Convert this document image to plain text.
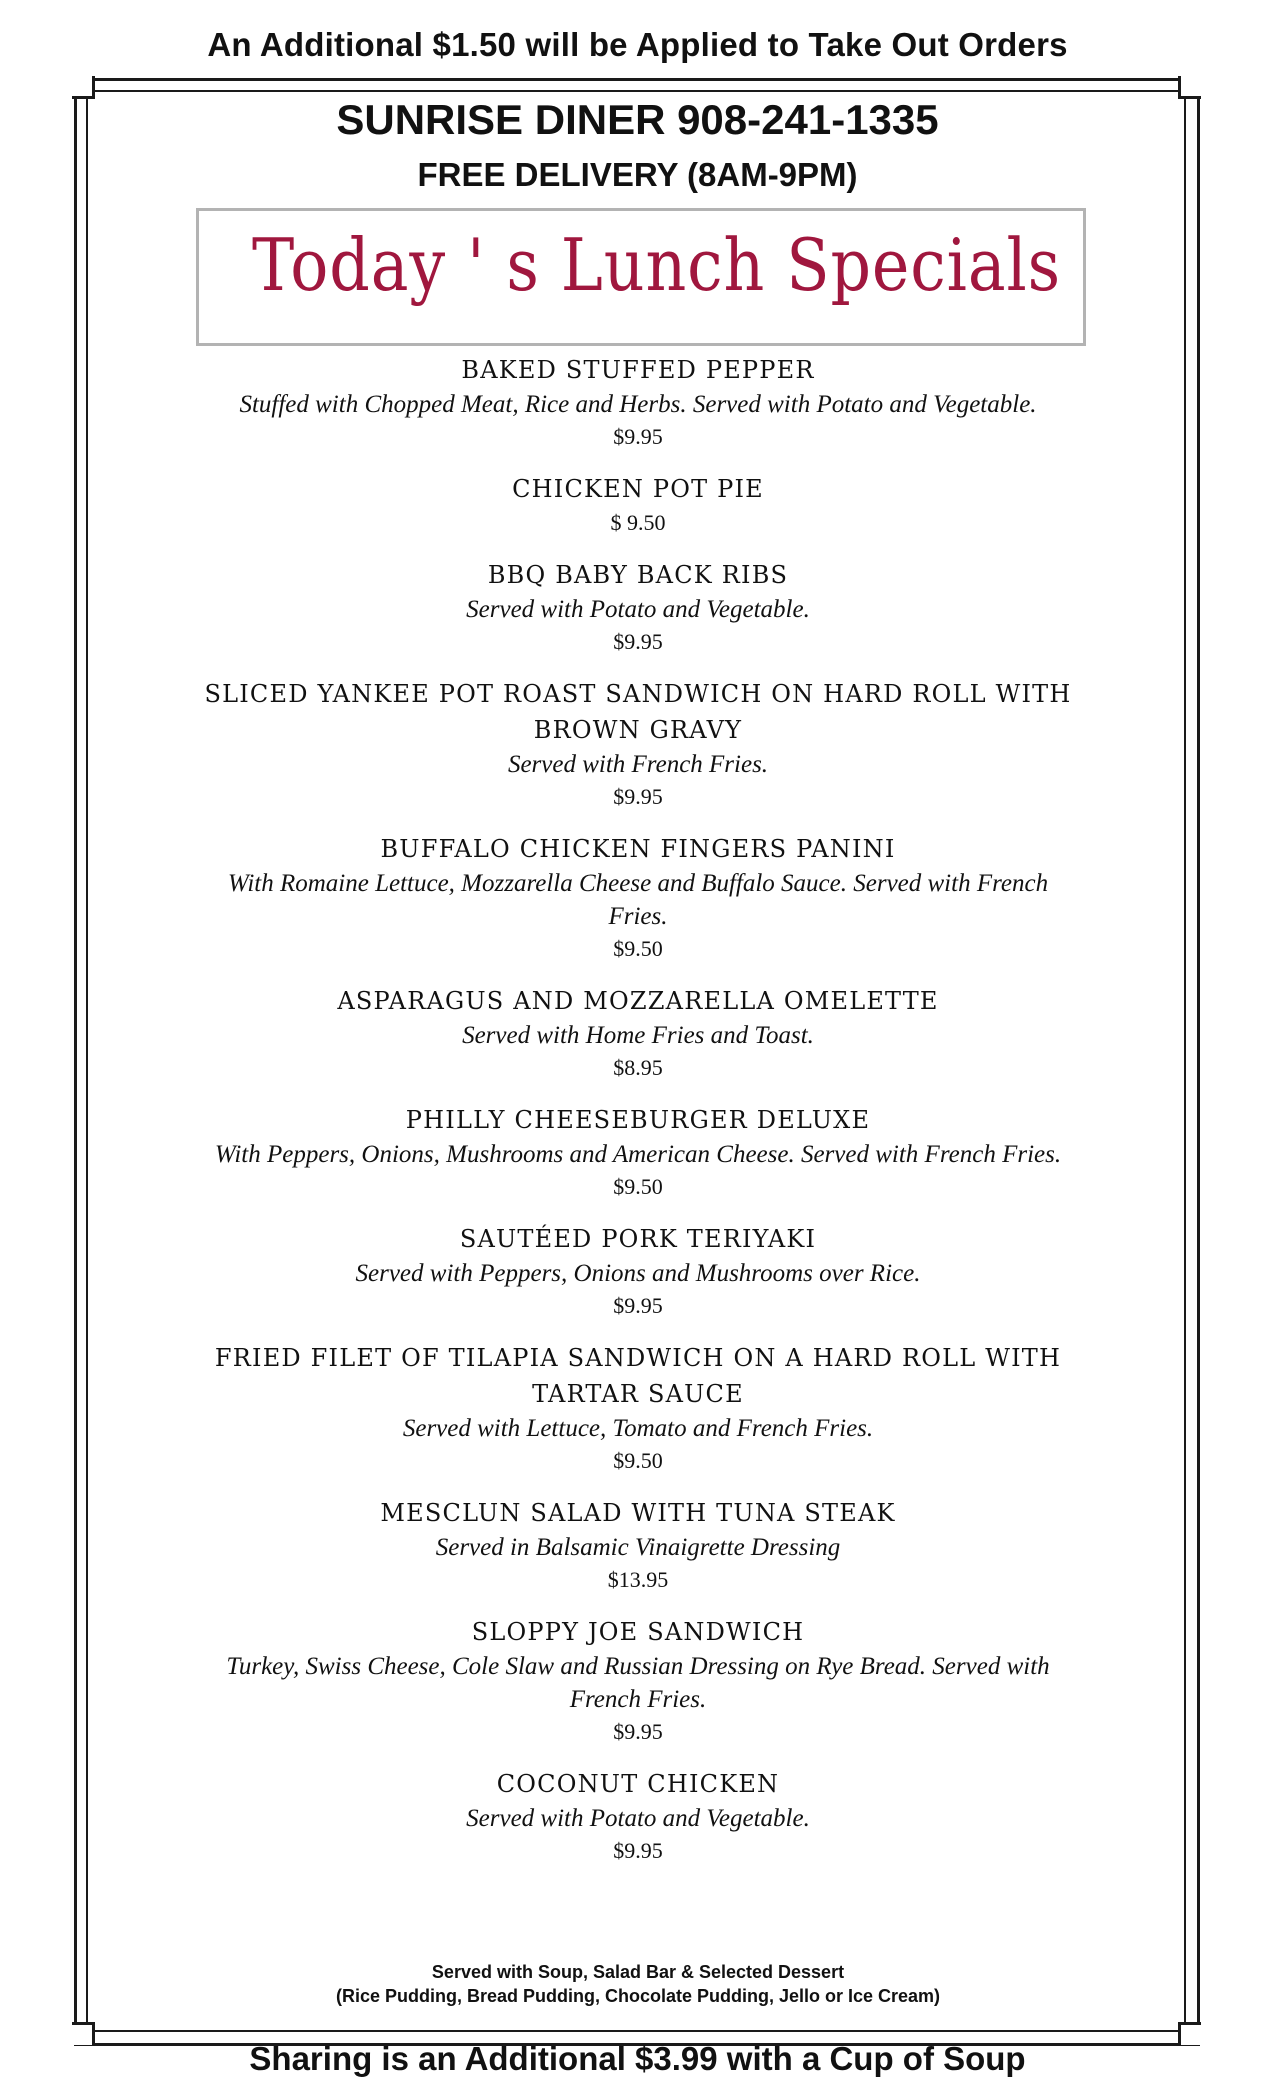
An Additional $1.50 will be Applied to Take Out Orders
SUNRISE DINER 908-241-1335
FREE DELIVERY (8AM-9PM)
Today ' s Lunch Specials
BAKED STUFFED PEPPER
Stuffed with Chopped Meat, Rice and Herbs. Served with Potato and Vegetable.
$9.95
CHICKEN POT PIE
$ 9.50
BBQ BABY BACK RIBS
Served with Potato and Vegetable.
$9.95
SLICED YANKEE POT ROAST SANDWICH ON HARD ROLL WITH BROWN GRAVY
Served with French Fries.
$9.95
BUFFALO CHICKEN FINGERS PANINI
With Romaine Lettuce, Mozzarella Cheese and Buffalo Sauce. Served with French Fries.
$9.50
ASPARAGUS AND MOZZARELLA OMELETTE
Served with Home Fries and Toast.
$8.95
PHILLY CHEESEBURGER DELUXE
With Peppers, Onions, Mushrooms and American Cheese. Served with French Fries.
$9.50
SAUTÉED PORK TERIYAKI
Served with Peppers, Onions and Mushrooms over Rice.
$9.95
FRIED FILET OF TILAPIA SANDWICH ON A HARD ROLL WITH TARTAR SAUCE
Served with Lettuce, Tomato and French Fries.
$9.50
MESCLUN SALAD WITH TUNA STEAK
Served in Balsamic Vinaigrette Dressing
$13.95
SLOPPY JOE SANDWICH
Turkey, Swiss Cheese, Cole Slaw and Russian Dressing on Rye Bread. Served with French Fries.
$9.95
COCONUT CHICKEN
Served with Potato and Vegetable.
$9.95
Served with Soup, Salad Bar & Selected Dessert
(Rice Pudding, Bread Pudding, Chocolate Pudding, Jello or Ice Cream)
Sharing is an Additional $3.99 with a Cup of Soup
